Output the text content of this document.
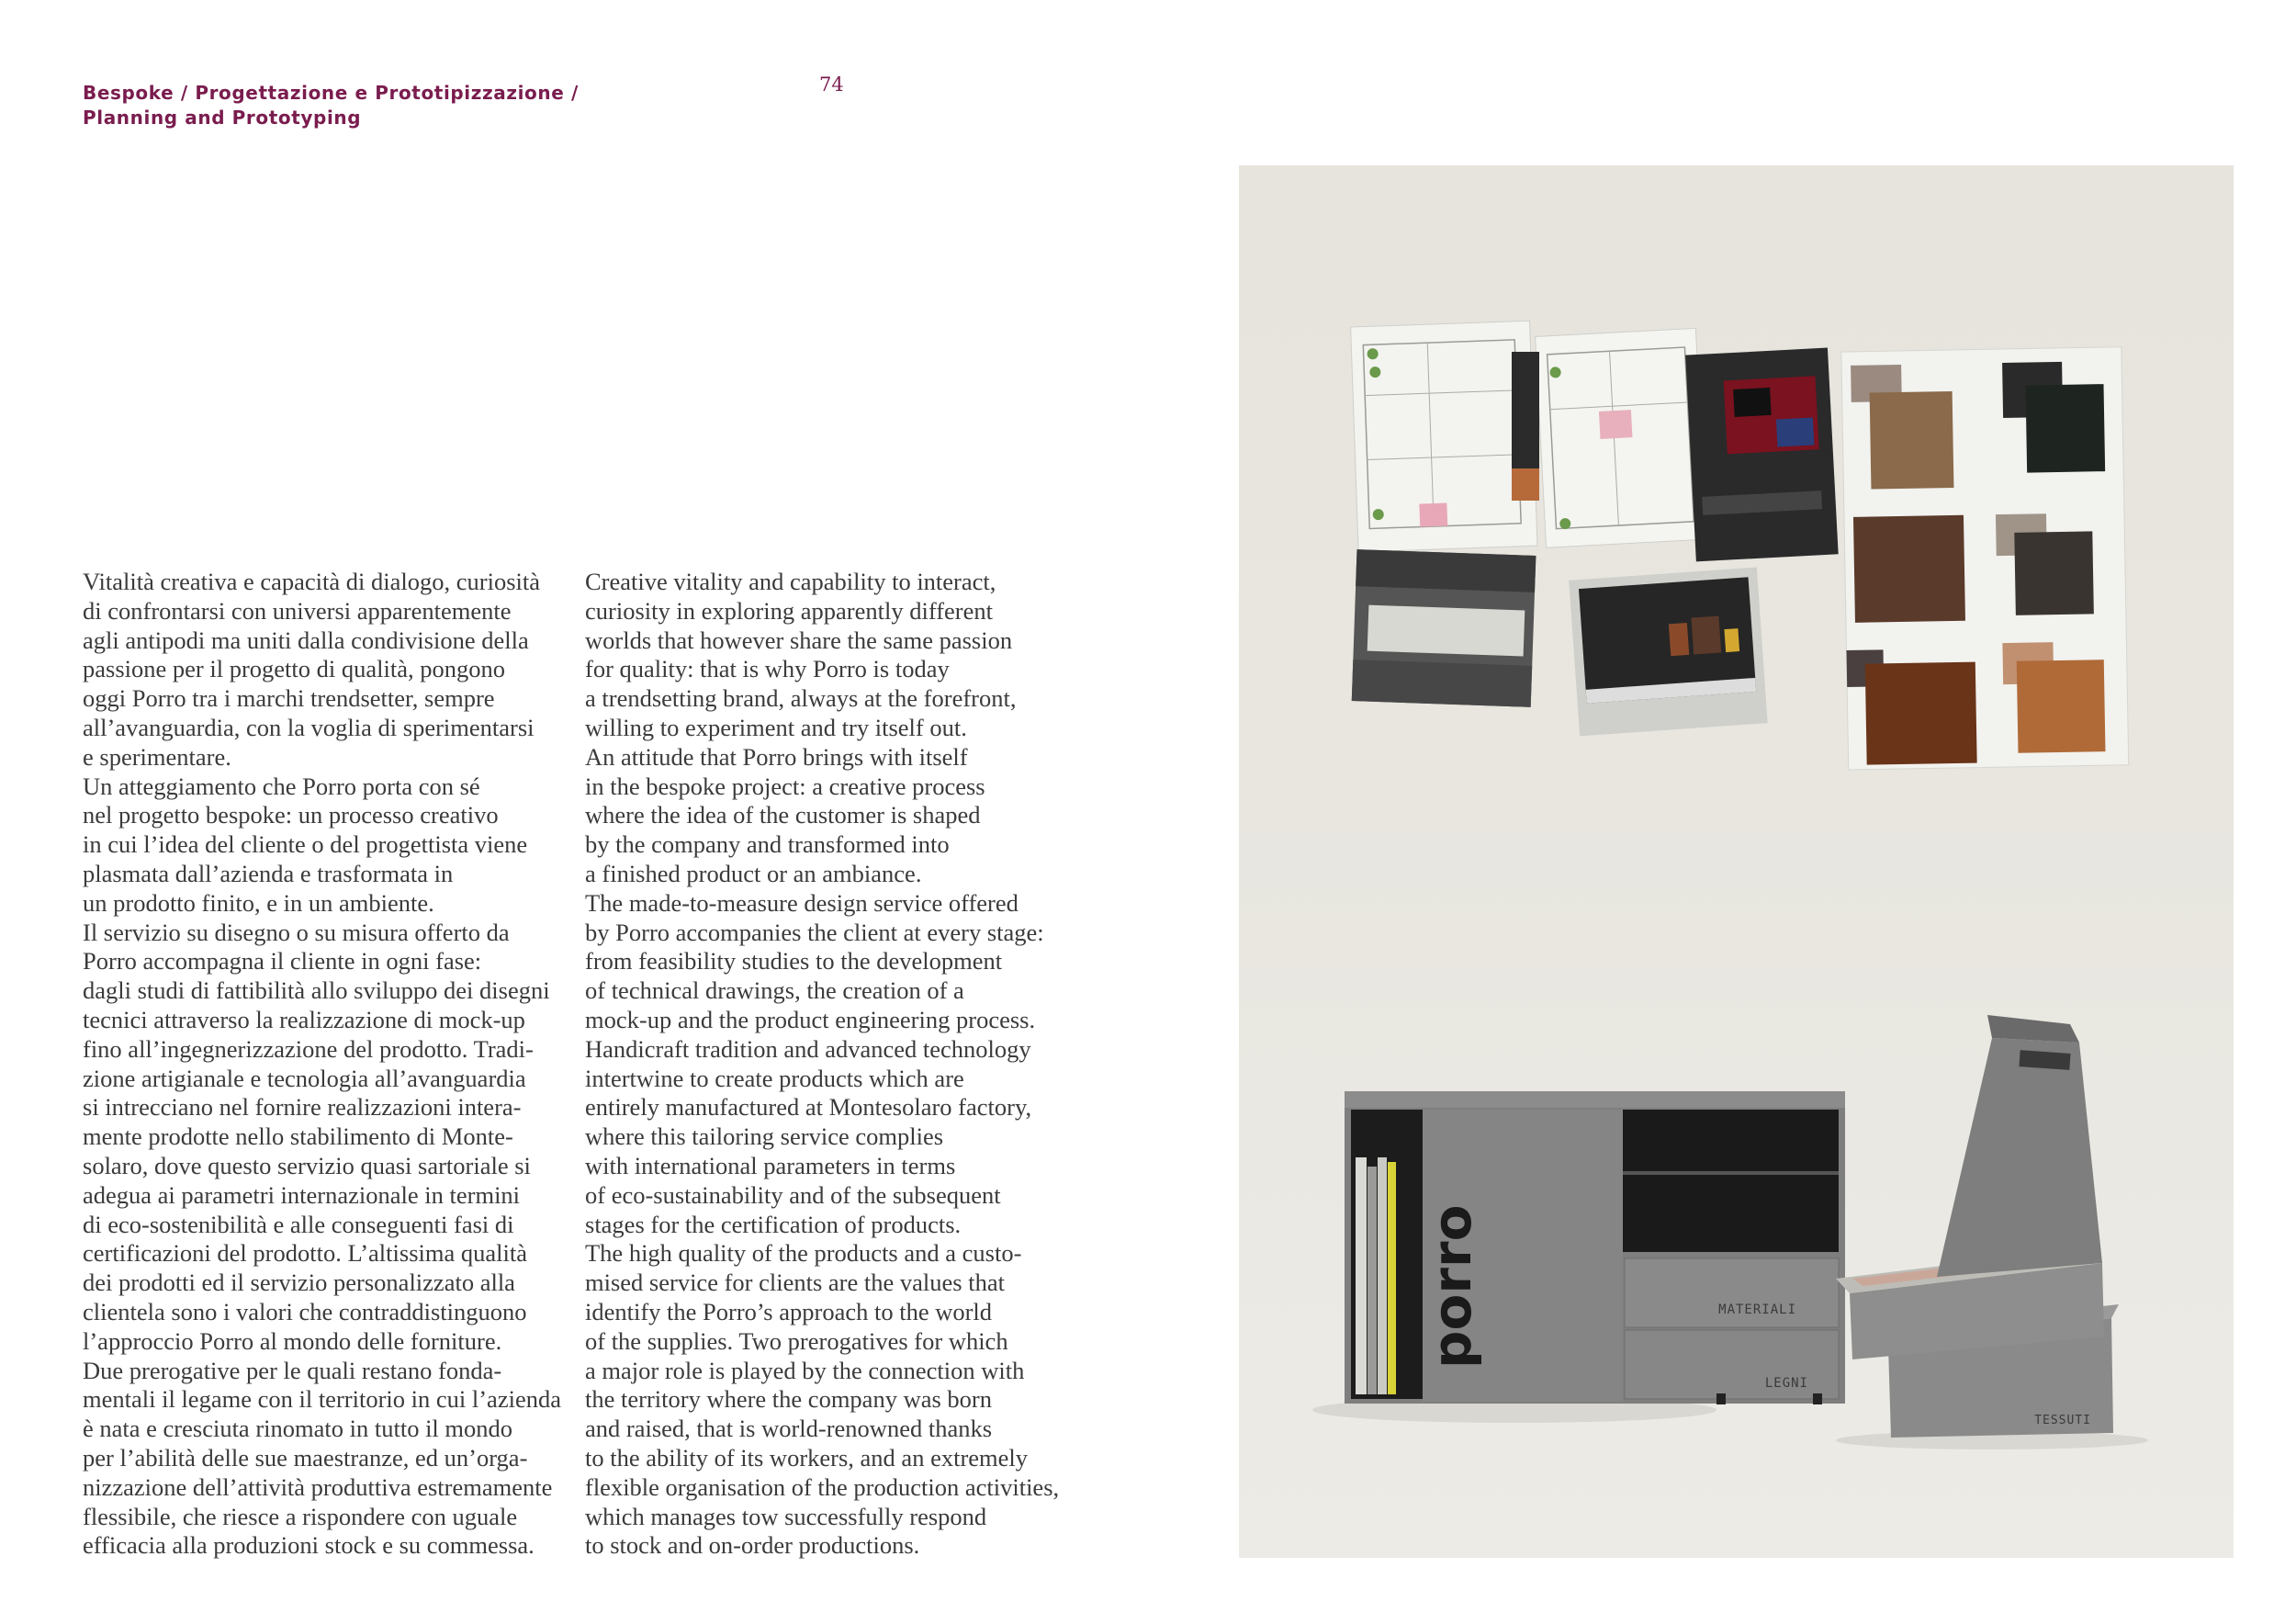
Bespoke / Progettazione e Prototipizzazione /
Planning and Prototyping
74
Vitalità creativa e capacità di dialogo, curiosità
di confrontarsi con universi apparentemente
agli antipodi ma uniti dalla condivisione della
passione per il progetto di qualità, pongono
oggi Porro tra i marchi trendsetter, sempre
all’avanguardia, con la voglia di sperimentarsi
e sperimentare.
Un atteggiamento che Porro porta con sé
nel progetto bespoke: un processo creativo
in cui l’idea del cliente o del progettista viene
plasmata dall’azienda e trasformata in
un prodotto finito, e in un ambiente.
Il servizio su disegno o su misura offerto da
Porro accompagna il cliente in ogni fase:
dagli studi di fattibilità allo sviluppo dei disegni
tecnici attraverso la realizzazione di mock-up
fino all’ingegnerizzazione del prodotto. Tradi-
zione artigianale e tecnologia all’avanguardia
si intrecciano nel fornire realizzazioni intera-
mente prodotte nello stabilimento di Monte-
solaro, dove questo servizio quasi sartoriale si
adegua ai parametri internazionale in termini
di eco-sostenibilità e alle conseguenti fasi di
certificazioni del prodotto. L’altissima qualità
dei prodotti ed il servizio personalizzato alla
clientela sono i valori che contraddistinguono
l’approccio Porro al mondo delle forniture.
Due prerogative per le quali restano fonda-
mentali il legame con il territorio in cui l’azienda
è nata e cresciuta rinomato in tutto il mondo
per l’abilità delle sue maestranze, ed un’orga-
nizzazione dell’attività produttiva estremamente
flessibile, che riesce a rispondere con uguale
efficacia alla produzioni stock e su commessa.
Creative vitality and capability to interact,
curiosity in exploring apparently different
worlds that however share the same passion
for quality: that is why Porro is today
a trendsetting brand, always at the forefront,
willing to experiment and try itself out.
An attitude that Porro brings with itself
in the bespoke project: a creative process
where the idea of the customer is shaped
by the company and transformed into
a finished product or an ambiance.
The made-to-measure design service offered
by Porro accompanies the client at every stage:
from feasibility studies to the development
of technical drawings, the creation of a
mock-up and the product engineering process.
Handicraft tradition and advanced technology
intertwine to create products which are
entirely manufactured at Montesolaro factory,
where this tailoring service complies
with international parameters in terms
of eco-sustainability and of the subsequent
stages for the certification of products.
The high quality of the products and a custo-
mised service for clients are the values that
identify the Porro’s approach to the world
of the supplies. Two prerogatives for which
a major role is played by the connection with
the territory where the company was born
and raised, that is world-renowned thanks
to the ability of its workers, and an extremely
flexible organisation of the production activities,
which manages tow successfully respond
to stock and on-order productions.
porro	MATERIALI
LEGNI
TESSUTI
